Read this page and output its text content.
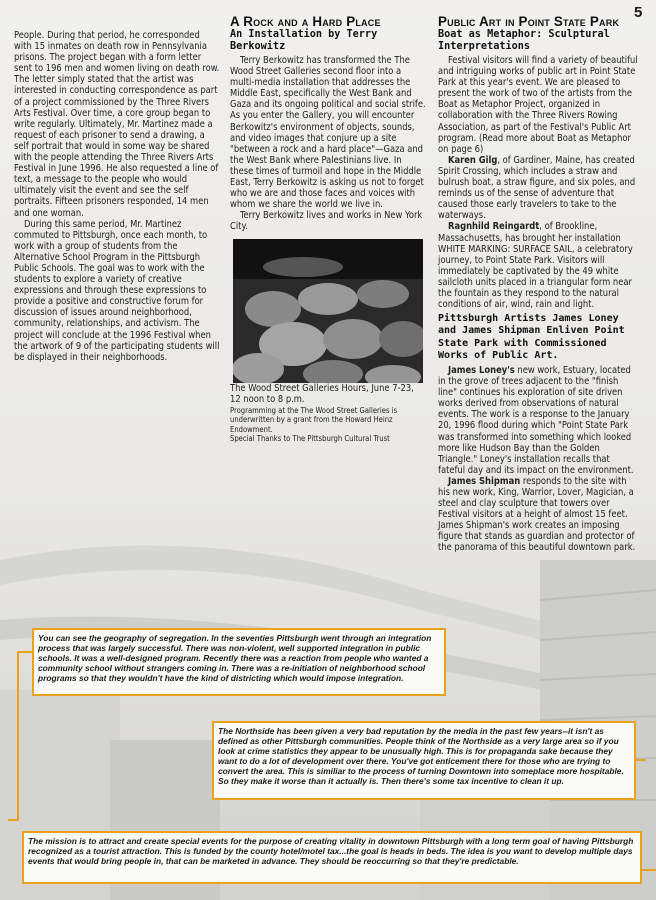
5

People. During that period, he corresponded with 15 inmates on death row in Pennsylvania prisons. The project began with a form letter sent to 196 men and women living on death row. The letter simply stated that the artist was interested in conducting correspondence as part of a project commissioned by the Three Rivers Arts Festival. Over time, a core group began to write regularly. Ultimately, Mr. Martinez made a request of each prisoner to send a drawing, a self portrait that would in some way be shared with the people attending the Three Rivers Arts Festival in June 1996. He also requested a line of text, a message to the people who would ultimately visit the event and see the self portraits. Fifteen prisoners responded, 14 men and one woman.

During this same period, Mr. Martinez commuted to Pittsburgh, once each month, to work with a group of students from the Alternative School Program in the Pittsburgh Public Schools. The goal was to work with the students to explore a variety of creative expressions and through these expressions to provide a positive and constructive forum for discussion of issues around neighborhood, community, relationships, and activism. The project will conclude at the 1996 Festival when the artwork of 9 of the participating students will be displayed in their neighborhoods.

A Rock and a Hard Place
An Installation by Terry Berkowitz

Terry Berkowitz has transformed the The Wood Street Galleries second floor into a multi-media installation that addresses the Middle East, specifically the West Bank and Gaza and its ongoing political and social strife. As you enter the Gallery, you will encounter Berkowitz's environment of objects, sounds, and video images that conjure up a site "between a rock and a hard place"—Gaza and the West Bank where Palestinians live. In these times of turmoil and hope in the Middle East, Terry Berkowitz is asking us not to forget who we are and those faces and voices with whom we share the world we live in.

Terry Berkowitz lives and works in New York City.

The Wood Street Galleries Hours, June 7-23, 12 noon to 8 p.m.

Programming at the The Wood Street Galleries is underwritten by a grant from the Howard Heinz Endowment.

Special Thanks to The Pittsburgh Cultural Trust

Public Art in Point State Park
Boat as Metaphor: Sculptural Interpretations

Festival visitors will find a variety of beautiful and intriguing works of public art in Point State Park at this year's event. We are pleased to present the work of two of the artists from the Boat as Metaphor Project, organized in collaboration with the Three Rivers Rowing Association, as part of the Festival's Public Art program. (Read more about Boat as Metaphor on page 6)

Karen Gilg, of Gardiner, Maine, has created Spirit Crossing, which includes a straw and bulrush boat, a straw figure, and six poles, and reminds us of the sense of adventure that caused those early travelers to take to the waterways.

Ragnhild Reingardt, of Brookline, Massachusetts, has brought her installation WHITE MARKING: SURFACE SAIL, a celebratory journey, to Point State Park. Visitors will immediately be captivated by the 49 white sailcloth units placed in a triangular form near the fountain as they respond to the natural conditions of air, wind, rain and light.

Pittsburgh Artists James Loney and James Shipman Enliven Point State Park with Commissioned Works of Public Art.

James Loney's new work, Estuary, located in the grove of trees adjacent to the "finish line" continues his exploration of site driven works derived from observations of natural events. The work is a response to the January 20, 1996 flood during which "Point State Park was transformed into something which looked more like Hudson Bay than the Golden Triangle." Loney's installation recalls that fateful day and its impact on the environment.

James Shipman responds to the site with his new work, King, Warrior, Lover, Magician, a steel and clay sculpture that towers over Festival visitors at a height of almost 15 feet. James Shipman's work creates an imposing figure that stands as guardian and protector of the panorama of this beautiful downtown park.

You can see the geography of segregation. In the seventies Pittsburgh went through an integration process that was largely successful. There was non-violent, well supported integration in public schools. It was a well-designed program. Recently there was a reaction from people who wanted a community school without strangers coming in. There was a re-initiation of neighborhood school programs so that they wouldn't have the kind of districting which would impose integration.
The Northside has been given a very bad reputation by the media in the past few years--it isn't as defined as other Pittsburgh communities. People think of the Northside as a very large area so if you look at crime statistics they appear to be unusually high. This is for propaganda sake because they want to do a lot of development over there. You've got enticement there for those who are trying to convert the area. This is similiar to the process of turning Downtown into someplace more hospitable. So they make it worse than it actually is. Then there's some tax incentive to clean it up.
The mission is to attract and create special events for the purpose of creating vitality in downtown Pittsburgh with a long term goal of having Pittsburgh recognized as a tourist attraction. This is funded by the county hotel/motel tax...the goal is heads in beds. The idea is you want to develop multiple days events that would bring people in, that can be marketed in advance. They should be reoccurring so that they're predictable.
